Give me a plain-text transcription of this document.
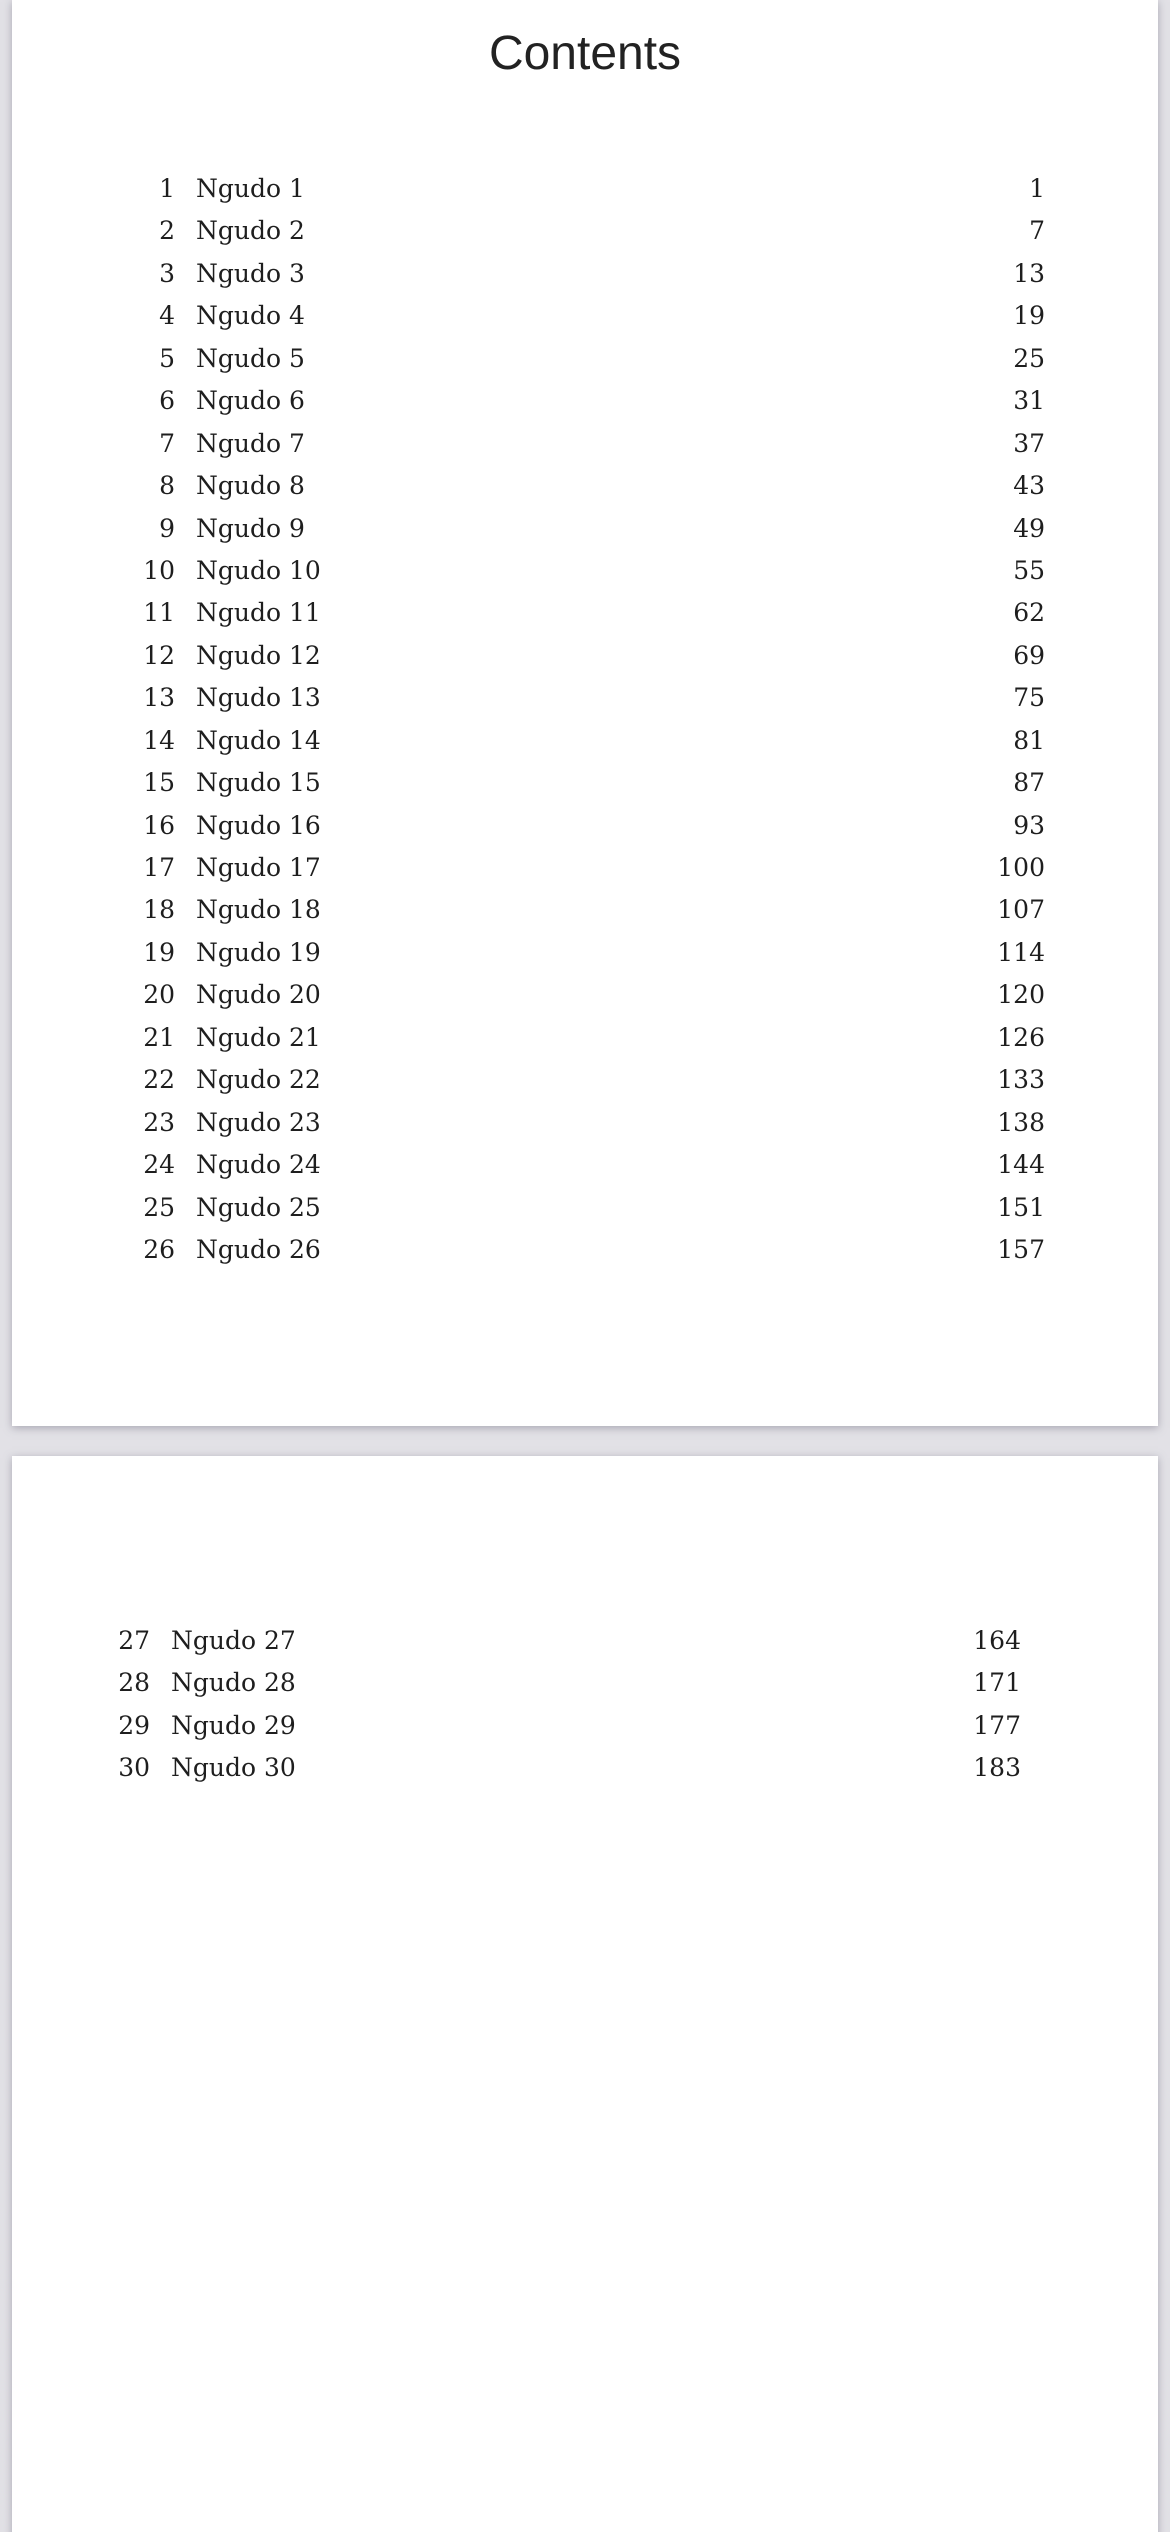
Contents
1 Ngudo 1	1
2 Ngudo 2	7
3 Ngudo 3	13
4 Ngudo 4	19
5 Ngudo 5	25
6 Ngudo 6	31
7 Ngudo 7	37
8 Ngudo 8	43
9 Ngudo 9	49
10 Ngudo 10	55
11 Ngudo 11	62
12 Ngudo 12	69
13 Ngudo 13	75
14 Ngudo 14	81
15 Ngudo 15	87
16 Ngudo 16	93
17 Ngudo 17	100
18 Ngudo 18	107
19 Ngudo 19	114
20 Ngudo 20	120
21 Ngudo 21	126
22 Ngudo 22	133
23 Ngudo 23	138
24 Ngudo 24	144
25 Ngudo 25	151
26 Ngudo 26	157
27 Ngudo 27	164
28 Ngudo 28	171
29 Ngudo 29	177
30 Ngudo 30	183
